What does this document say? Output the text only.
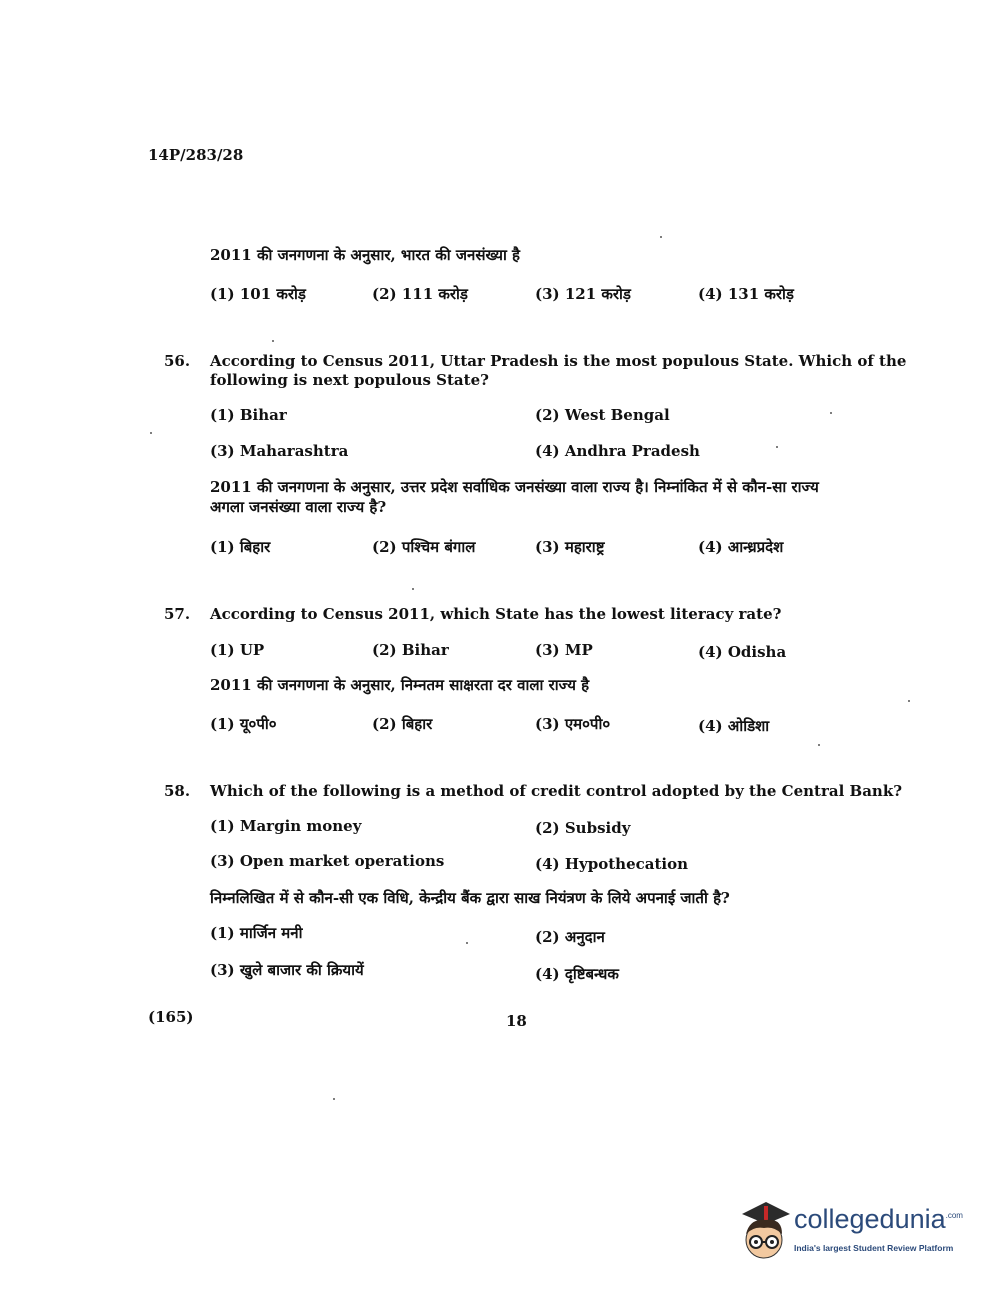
14P/283/28
2011 की जनगणना के अनुसार, भारत की जनसंख्या है
(1) 101 करोड़	(2) 111 करोड़	(3) 121 करोड़	(4) 131 करोड़
56. According to Census 2011, Uttar Pradesh is the most populous State. Which of the
following is next populous State?
(1) Bihar	(2) West Bengal
(3) Maharashtra	(4) Andhra Pradesh
2011 की जनगणना के अनुसार, उत्तर प्रदेश सर्वाधिक जनसंख्या वाला राज्य है। निम्नांकित में से कौन-सा राज्य
अगला जनसंख्या वाला राज्य है?
(1) बिहार	(2) पश्चिम बंगाल	(3) महाराष्ट्र	(4) आन्ध्रप्रदेश
57. According to Census 2011, which State has the lowest literacy rate?
(1) UP	(2) Bihar	(3) MP	(4) Odisha
2011 की जनगणना के अनुसार, निम्नतम साक्षरता दर वाला राज्य है
(1) यू०पी०	(2) बिहार	(3) एम०पी०	(4) ओडिशा
58. Which of the following is a method of credit control adopted by the Central Bank?
(1) Margin money	(2) Subsidy
(3) Open market operations	(4) Hypothecation
निम्नलिखित में से कौन-सी एक विधि, केन्द्रीय बैंक द्वारा साख नियंत्रण के लिये अपनाई जाती है?
(1) मार्जिन मनी	(2) अनुदान
(3) खुले बाजार की क्रियायें	(4) दृष्टिबन्धक
(165)	18
collegedunia$^{.com}$
India's largest Student Review Platform
